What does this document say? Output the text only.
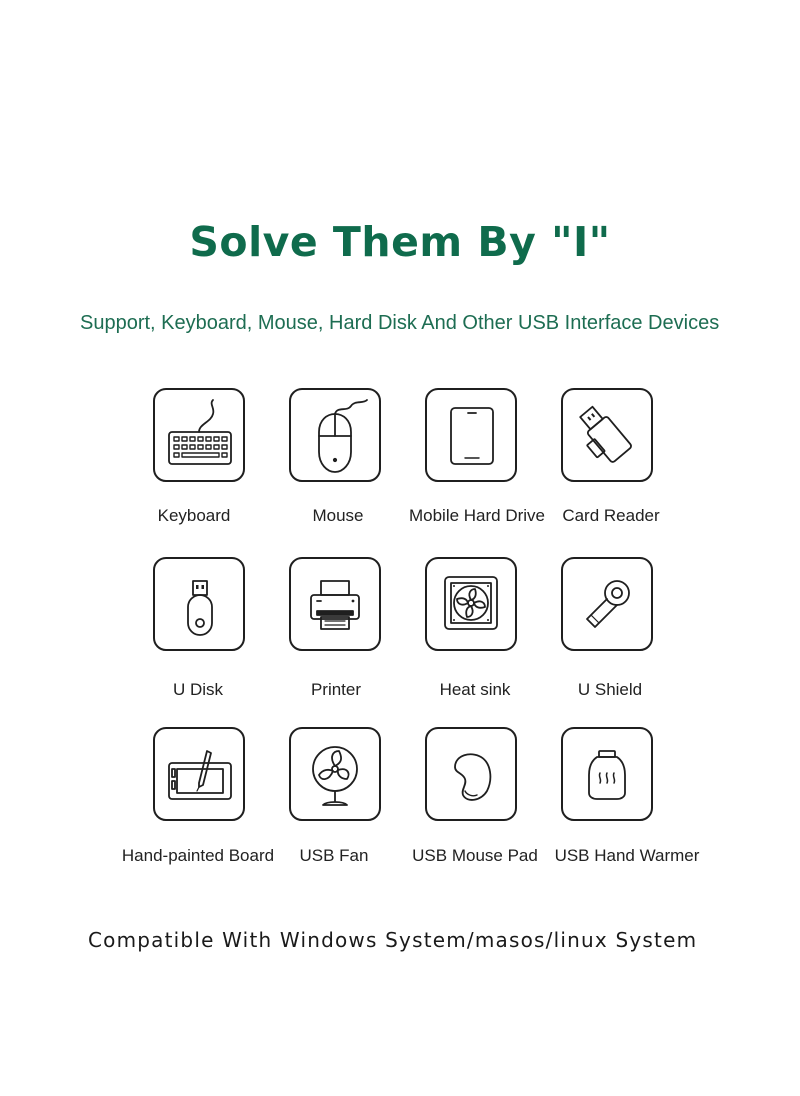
Solve Them By "I"
Support, Keyboard, Mouse, Hard Disk And Other USB Interface Devices
Keyboard	Mouse	Mobile Hard Drive	Card Reader
U Disk	Printer	Heat sink	U Shield
Hand-painted Board	USB Fan	USB Mouse Pad USB Hand Warmer
Compatible With Windows System/masos/linux System
